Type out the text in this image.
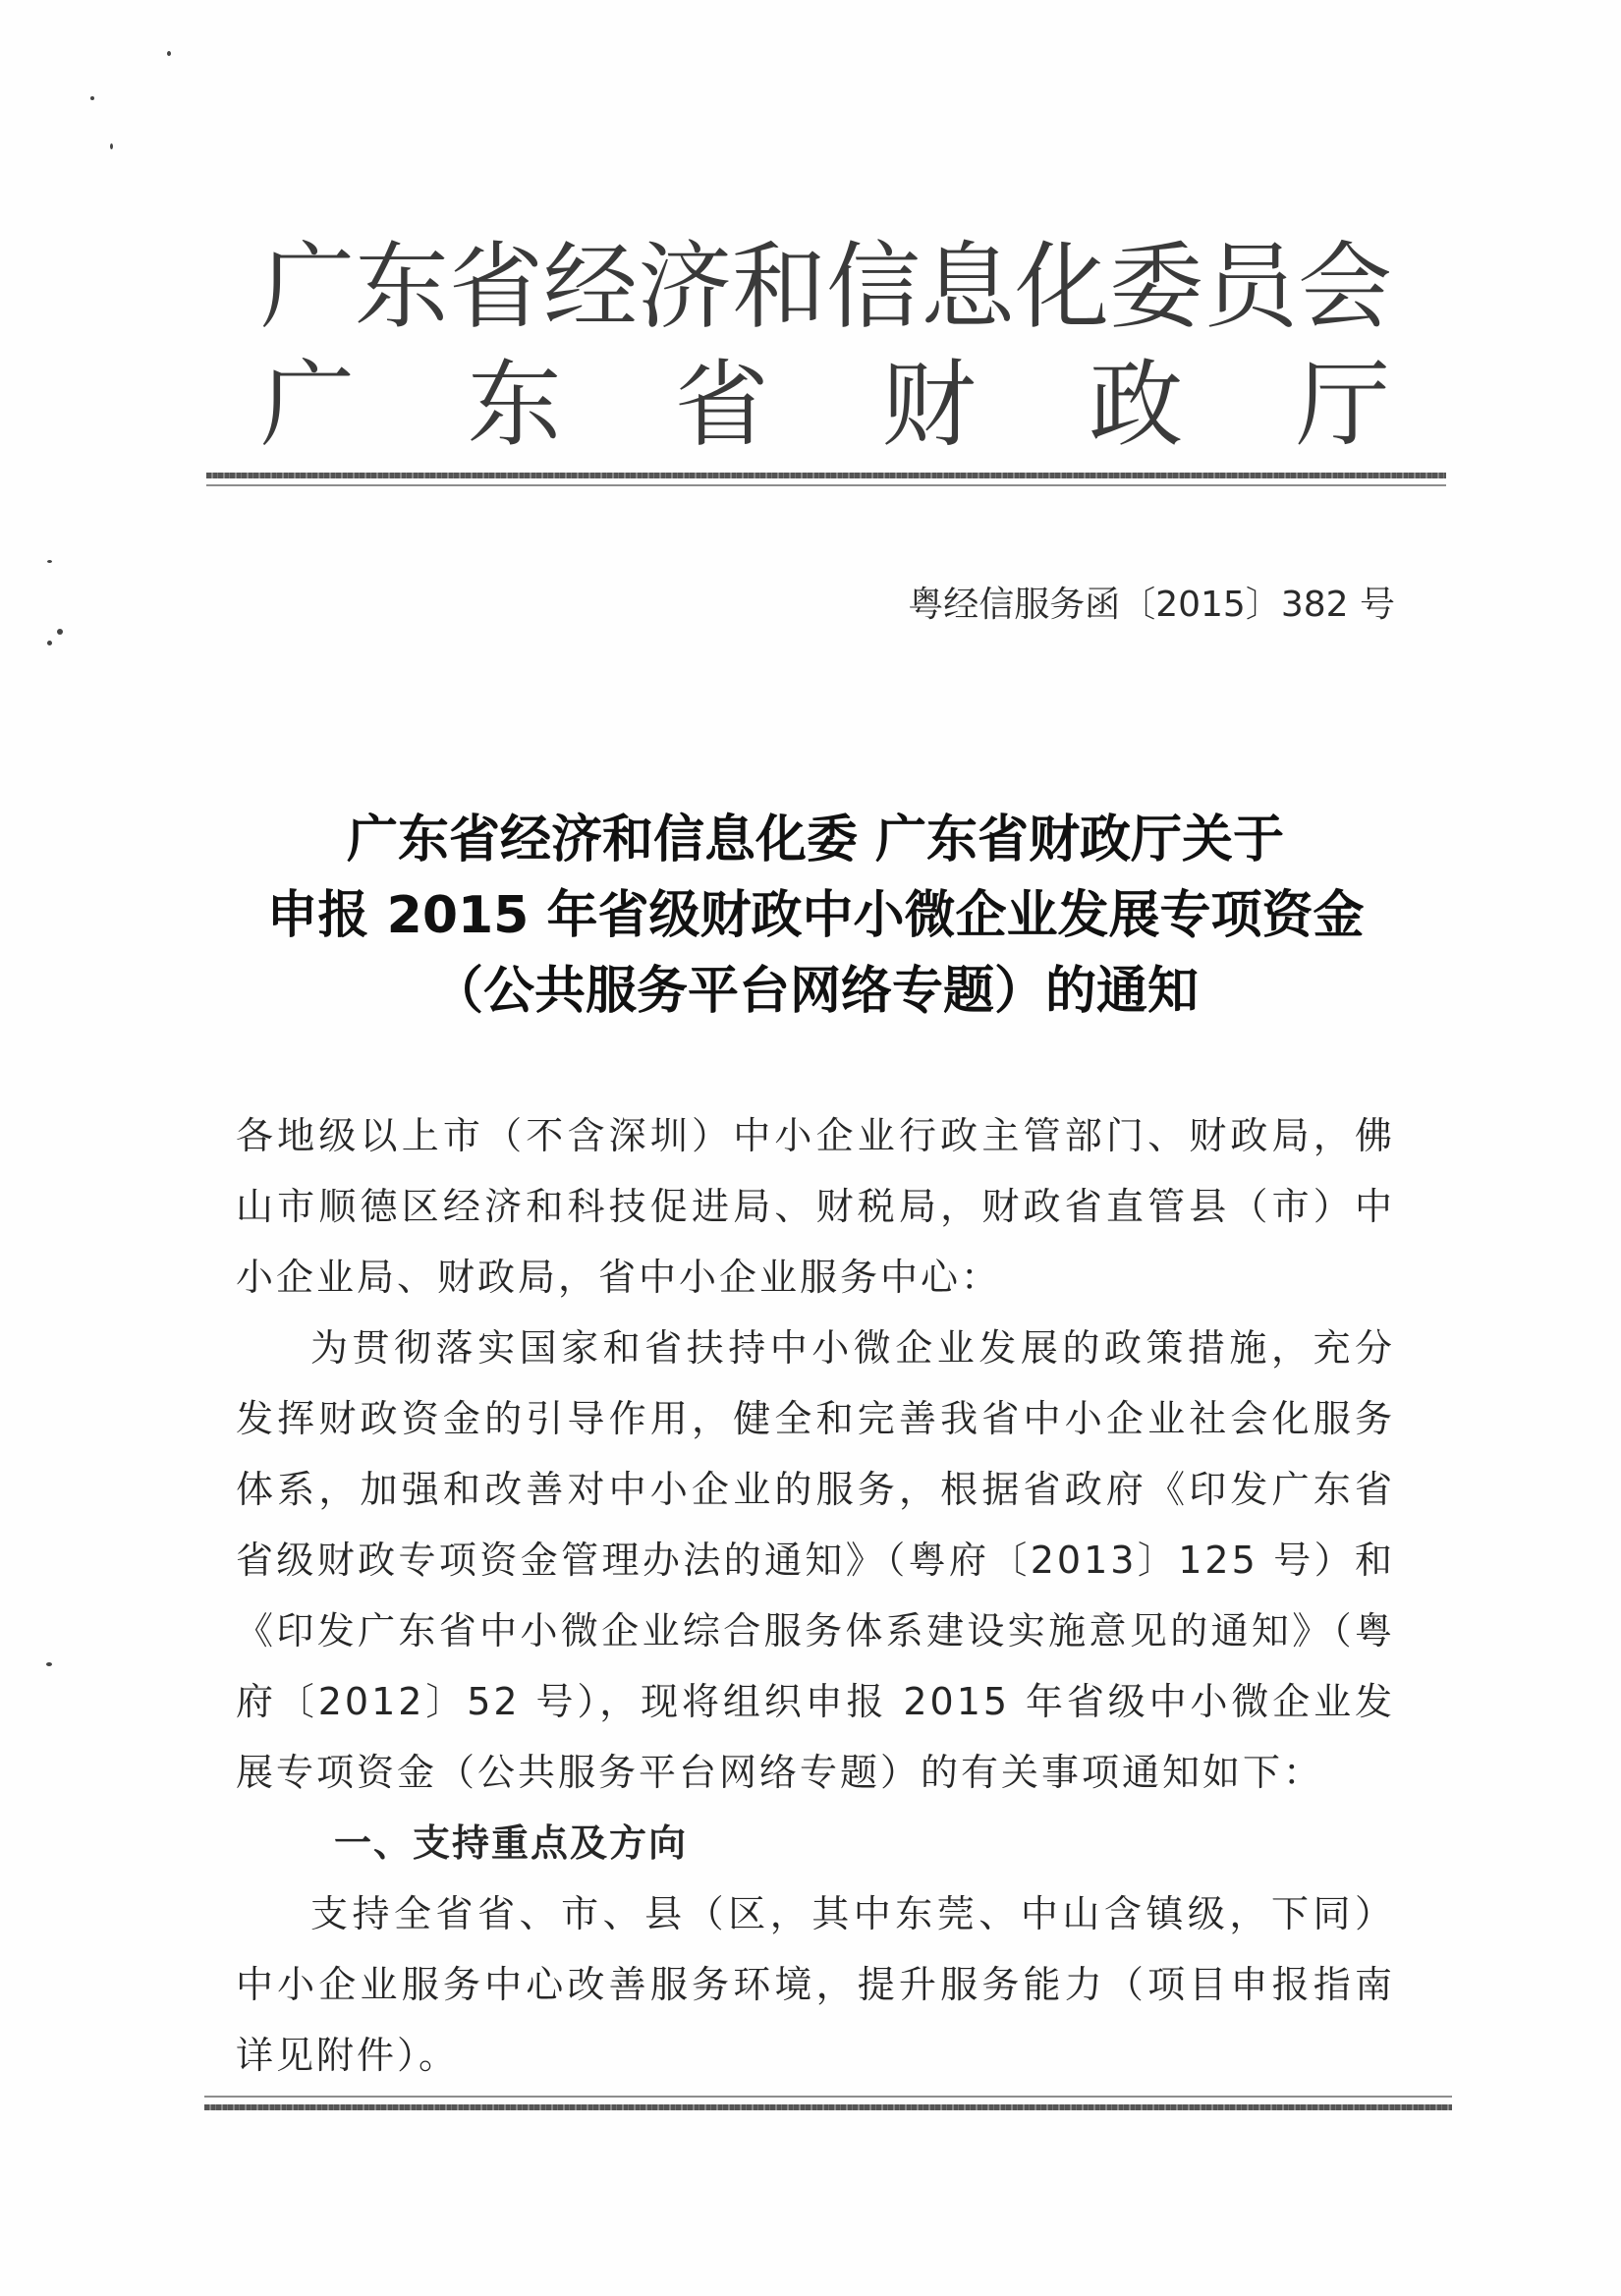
广 东 省 经 济 和 信 息 化 委 员 会
广 东 省 财 政 厅
粤经信服务函〔2015〕382 号
广东省经济和信息化委 广东省财政厅关于
申报 2015 年省级财政中小微企业发展专项资金
（公共服务平台网络专题）的通知

各地级以上市（不含深圳）中小企业行政主管部门、财政局，佛山市顺德区经济和科技促进局、财税局，财政省直管县（市）中小企业局、财政局，省中小企业服务中心：

为贯彻落实国家和省扶持中小微企业发展的政策措施，充分发挥财政资金的引导作用，健全和完善我省中小企业社会化服务体系，加强和改善对中小企业的服务，根据省政府《印发广东省省级财政专项资金管理办法的通知》（粤府〔2013〕125 号）和《印发广东省中小微企业综合服务体系建设实施意见的通知》（粤府〔2012〕52 号），现将组织申报 2015 年省级中小微企业发展专项资金（公共服务平台网络专题）的有关事项通知如下：

一、支持重点及方向

支持全省省、市、县（区，其中东莞、中山含镇级，下同）中小企业服务中心改善服务环境，提升服务能力（项目申报指南详见附件）。
